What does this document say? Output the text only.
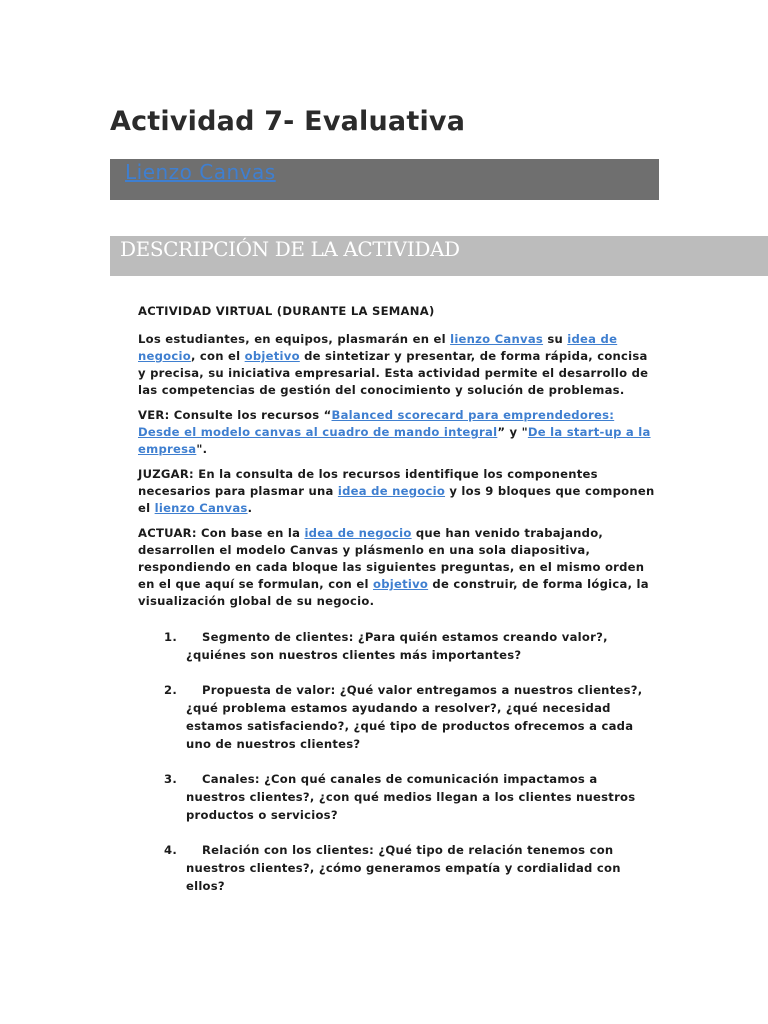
Actividad 7- Evaluativa
Lienzo Canvas
DESCRIPCIÓN DE LA ACTIVIDAD

ACTIVIDAD VIRTUAL (DURANTE LA SEMANA)

Los estudiantes, en equipos, plasmarán en el lienzo Canvas su idea de negocio, con el objetivo de sintetizar y presentar, de forma rápida, concisa y precisa, su iniciativa empresarial. Esta actividad permite el desarrollo de las competencias de gestión del conocimiento y solución de problemas.

VER: Consulte los recursos “Balanced scorecard para emprendedores: Desde el modelo canvas al cuadro de mando integral” y "De la start-up a la empresa".

JUZGAR: En la consulta de los recursos identifique los componentes necesarios para plasmar una idea de negocio y los 9 bloques que componen el lienzo Canvas.

ACTUAR: Con base en la idea de negocio que han venido trabajando, desarrollen el modelo Canvas y plásmenlo en una sola diapositiva, respondiendo en cada bloque las siguientes preguntas, en el mismo orden en el que aquí se formulan, con el objetivo de construir, de forma lógica, la visualización global de su negocio.

1.	Segmento de clientes: ¿Para quién estamos creando valor?, ¿quiénes son nuestros clientes más importantes?
2.	Propuesta de valor: ¿Qué valor entregamos a nuestros clientes?, ¿qué problema estamos ayudando a resolver?, ¿qué necesidad estamos satisfaciendo?, ¿qué tipo de productos ofrecemos a cada uno de nuestros clientes?
3.	Canales: ¿Con qué canales de comunicación impactamos a nuestros clientes?, ¿con qué medios llegan a los clientes nuestros productos o servicios?
4.	Relación con los clientes: ¿Qué tipo de relación tenemos con nuestros clientes?, ¿cómo generamos empatía y cordialidad con ellos?
